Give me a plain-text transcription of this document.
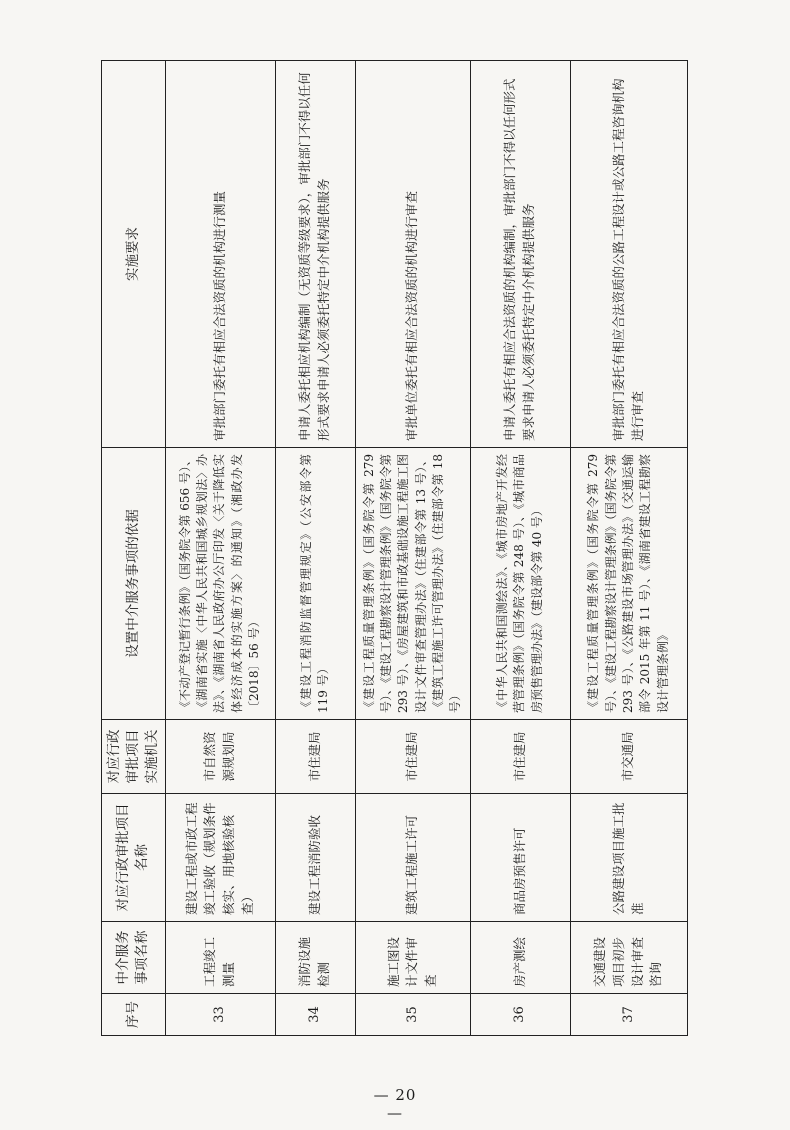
序号	中介服务事项名称	对应行政审批项目名称	对应行政审批项目实施机关	设置中介服务事项的依据	实施要求
33	工程竣工测量	建设工程或市政工程竣工验收（规划条件核实、用地核验核查）	市自然资源规划局	《不动产登记暂行条例》（国务院令第 656 号）、《湖南省实施〈中华人民共和国城乡规划法〉办法》、《湖南省人民政府办公厅印发〈关于降低实体经济成本的实施方案〉的通知》（湘政办发〔2018〕56 号）	审批部门委托有相应合法资质的机构进行测量
34	消防设施检测	建设工程消防验收	市住建局	《建设工程消防监督管理规定》（公安部令第 119 号）	申请人委托相应机构编制（无资质等级要求），审批部门不得以任何形式要求申请人必须委托特定中介机构提供服务
35	施工图设计文件审查	建筑工程施工许可	市住建局	《建设工程质量管理条例》（国务院令第 279 号）、《建设工程勘察设计管理条例》（国务院令第 293 号）、《房屋建筑和市政基础设施工程施工图设计文件审查管理办法》（住建部令第 13 号）、《建筑工程施工许可管理办法》（住建部令第 18 号）	审批单位委托有相应合法资质的机构进行审查
36	房产测绘	商品房预售许可	市住建局	《中华人民共和国测绘法》、《城市房地产开发经营管理条例》（国务院令第 248 号）、《城市商品房预售管理办法》（建设部令第 40 号）	申请人委托有相应合法资质的机构编制，审批部门不得以任何形式要求申请人必须委托特定中介机构提供服务
37	交通建设项目初步设计审查咨询	公路建设项目施工批准	市交通局	《建设工程质量管理条例》（国务院令第 279 号）、《建设工程勘察设计管理条例》（国务院令第 293 号）、《公路建设市场管理办法》（交通运输部令 2015 年第 11 号）、《湖南省建设工程勘察设计管理条例》	审批部门委托有相应合法资质的公路工程设计或公路工程咨询机构进行审查
— 20 —
